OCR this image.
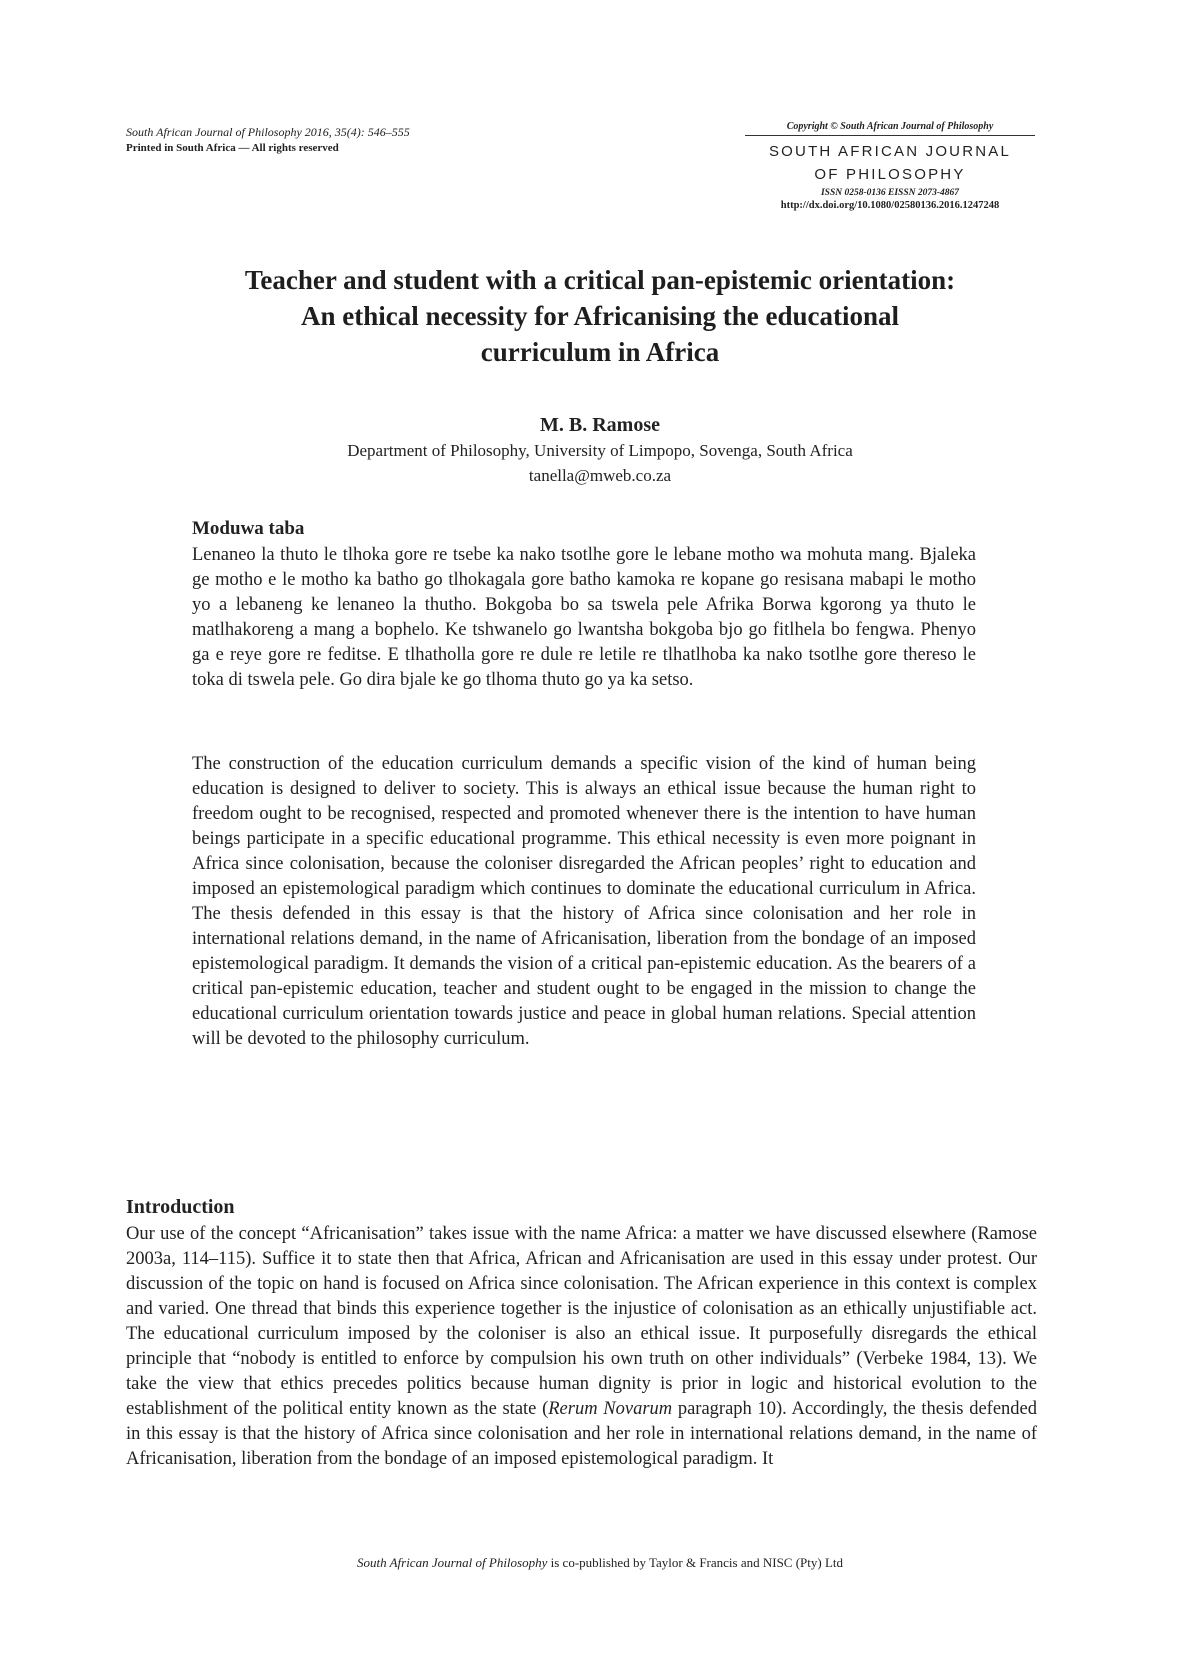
South African Journal of Philosophy 2016, 35(4): 546–555
Printed in South Africa — All rights reserved
Copyright © South African Journal of Philosophy
SOUTH AFRICAN JOURNAL
OF PHILOSOPHY
ISSN 0258-0136 EISSN 2073-4867
http://dx.doi.org/10.1080/02580136.2016.1247248
Teacher and student with a critical pan-epistemic orientation:
An ethical necessity for Africanising the educational
curriculum in Africa
M. B. Ramose
Department of Philosophy, University of Limpopo, Sovenga, South Africa
tanella@mweb.co.za
Moduwa taba
Lenaneo la thuto le tlhoka gore re tsebe ka nako tsotlhe gore le lebane motho wa mohuta mang. Bjaleka ge motho e le motho ka batho go tlhokagala gore batho kamoka re kopane go resisana mabapi le motho yo a lebaneng ke lenaneo la thutho. Bokgoba bo sa tswela pele Afrika Borwa kgorong ya thuto le matlhakoreng a mang a bophelo. Ke tshwanelo go lwantsha bokgoba bjo go fitlhela bo fengwa. Phenyo ga e reye gore re feditse. E tlhatholla gore re dule re letile re tlhatlhoba ka nako tsotlhe gore thereso le toka di tswela pele. Go dira bjale ke go tlhoma thuto go ya ka setso.
The construction of the education curriculum demands a specific vision of the kind of human being education is designed to deliver to society. This is always an ethical issue because the human right to freedom ought to be recognised, respected and promoted whenever there is the intention to have human beings participate in a specific educational programme. This ethical necessity is even more poignant in Africa since colonisation, because the coloniser disregarded the African peoples’ right to education and imposed an epistemological paradigm which continues to dominate the educational curriculum in Africa. The thesis defended in this essay is that the history of Africa since colonisation and her role in international relations demand, in the name of Africanisation, liberation from the bondage of an imposed epistemological paradigm. It demands the vision of a critical pan-epistemic education. As the bearers of a critical pan-epistemic education, teacher and student ought to be engaged in the mission to change the educational curriculum orientation towards justice and peace in global human relations. Special attention will be devoted to the philosophy curriculum.
Introduction
Our use of the concept “Africanisation” takes issue with the name Africa: a matter we have discussed elsewhere (Ramose 2003a, 114–115). Suffice it to state then that Africa, African and Africanisation are used in this essay under protest. Our discussion of the topic on hand is focused on Africa since colonisation. The African experience in this context is complex and varied. One thread that binds this experience together is the injustice of colonisation as an ethically unjustifiable act. The educational curriculum imposed by the coloniser is also an ethical issue. It purposefully disregards the ethical principle that “nobody is entitled to enforce by compulsion his own truth on other individuals” (Verbeke 1984, 13). We take the view that ethics precedes politics because human dignity is prior in logic and historical evolution to the establishment of the political entity known as the state (Rerum Novarum paragraph 10). Accordingly, the thesis defended in this essay is that the history of Africa since colonisation and her role in international relations demand, in the name of Africanisation, liberation from the bondage of an imposed epistemological paradigm. It
South African Journal of Philosophy is co-published by Taylor & Francis and NISC (Pty) Ltd
